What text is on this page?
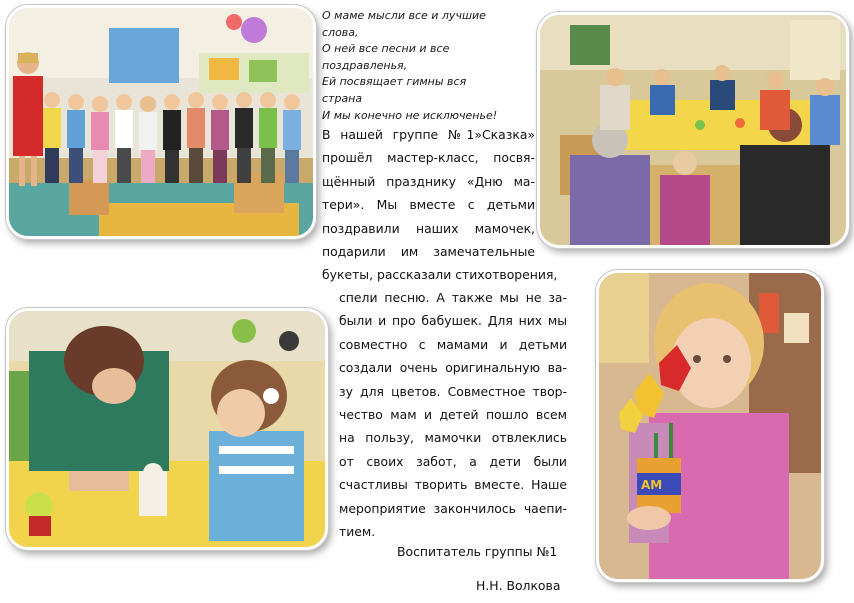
АМ
О маме мысли все и лучшие
слова,
О ней все песни и все
поздравленья,
Ей посвящает гимны вся
страна
И мы конечно не исключенье!
В нашей группе №1»Сказка»
прошёл мастер-класс, посвя-
щённый празднику «Дню ма-
тери». Мы вместе с детьми
поздравили наших мамочек,
подарили им замечательные
букеты, рассказали стихотворения,
спели песню. А также мы не за-
были и про бабушек. Для них мы
совместно с мамами и детьми
создали очень оригинальную ва-
зу для цветов. Совместное твор-
чество мам и детей пошло всем
на пользу, мамочки отвлеклись
от своих забот, а дети были
счастливы творить вместе. Наше
мероприятие закончилось чаепи-
тием.
Воспитатель группы №1
Н.Н. Волкова
